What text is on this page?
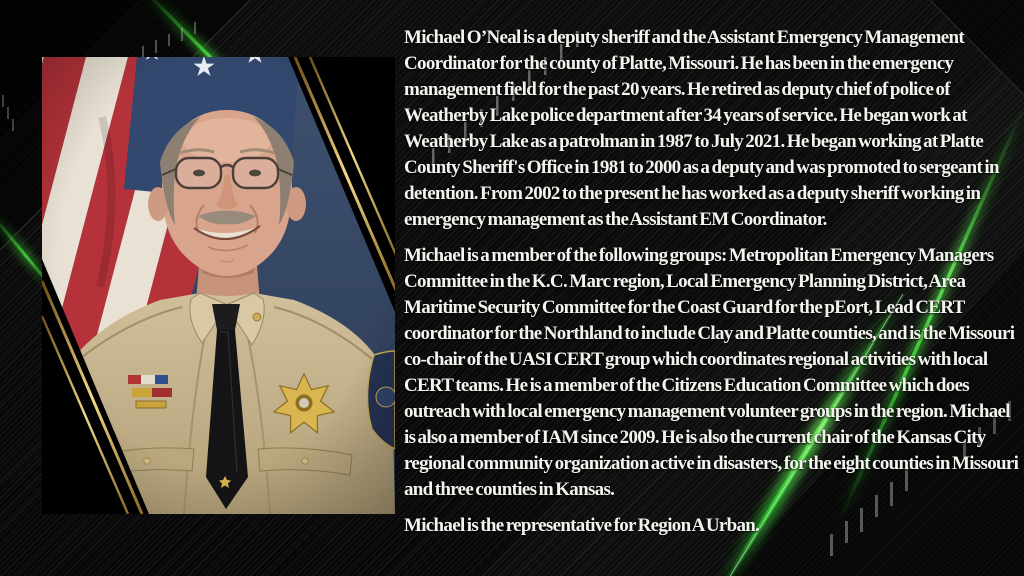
Michael O’Neal is a deputy sheriff and the Assistant Emergency Management Coordinator for the county of Platte, Missouri. He has been in the emergency management field for the past 20 years. He retired as deputy chief of police of Weatherby Lake police department after 34 years of service. He began work at Weatherby Lake as a patrolman in 1987 to July 2021. He began working at Platte County Sheriff's Office in 1981 to 2000 as a deputy and was promoted to sergeant in detention. From 2002 to the present he has worked as a deputy sheriff working in emergency management as the Assistant EM Coordinator.

Michael is a member of the following groups: Metropolitan Emergency Managers Committee in the K.C. Marc region, Local Emergency Planning District, Area Maritime Security Committee for the Coast Guard for the pEort, Lead CERT coordinator for the Northland to include Clay and Platte counties, and is the Missouri co-chair of the UASI CERT group which coordinates regional activities with local CERT teams. He is a member of the Citizens Education Committee which does outreach with local emergency management volunteer groups in the region. Michael is also a member of IAM since 2009. He is also the current chair of the Kansas City regional community organization active in disasters, for the eight counties in Missouri and three counties in Kansas.

Michael is the representative for Region A Urban.
